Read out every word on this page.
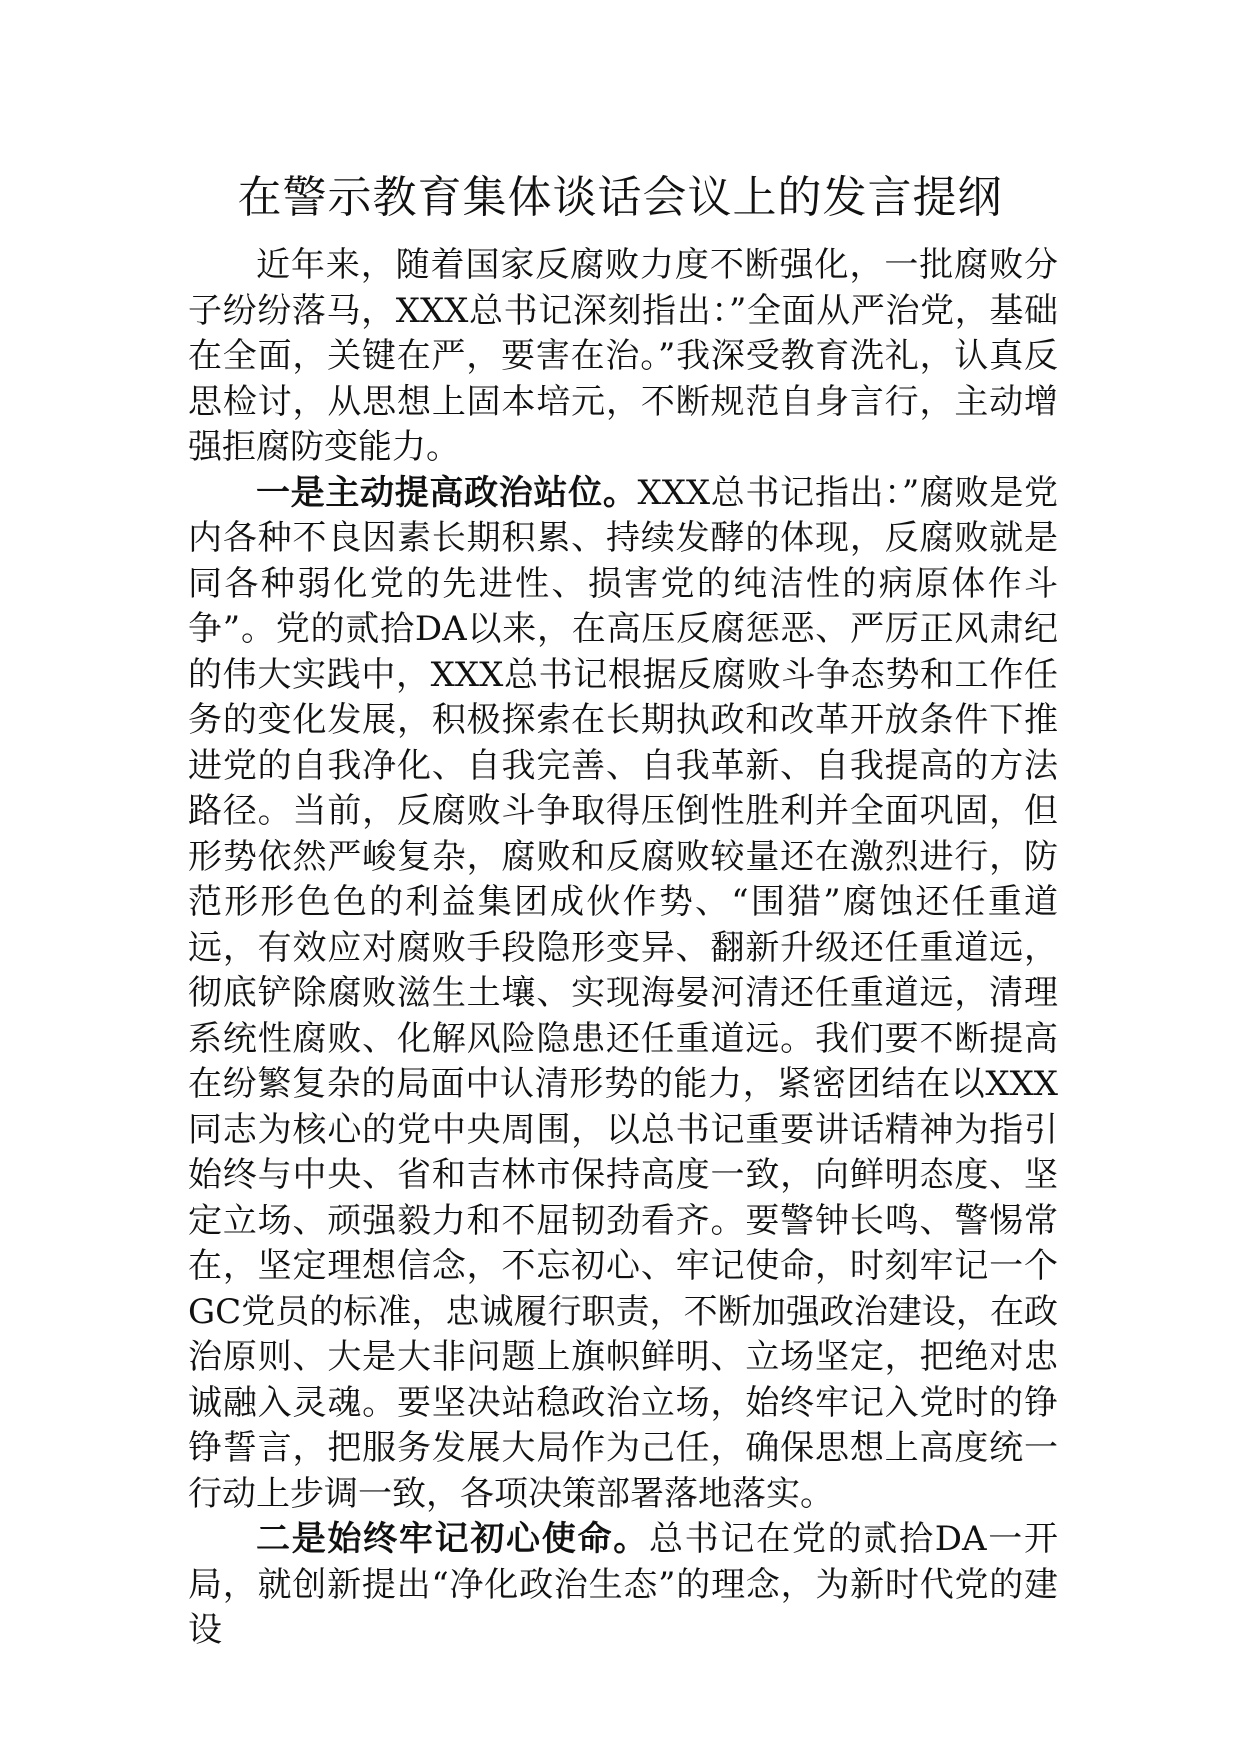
在警示教育集体谈话会议上的发言提纲

近年来，随着国家反腐败力度不断强化，一批腐败分子纷纷落马，XXX总书记深刻指出：”全面从严治党，基础在全面，关键在严，要害在治。”我深受教育洗礼，认真反思检讨，从思想上固本培元，不断规范自身言行，主动增强拒腐防变能力。

一是主动提高政治站位。XXX总书记指出：”腐败是党内各种不良因素长期积累、持续发酵的体现，反腐败就是同各种弱化党的先进性、损害党的纯洁性的病原体作斗争”。党的贰拾DA以来，在高压反腐惩恶、严厉正风肃纪的伟大实践中，XXX总书记根据反腐败斗争态势和工作任务的变化发展，积极探索在长期执政和改革开放条件下推进党的自我净化、自我完善、自我革新、自我提高的方法路径。当前，反腐败斗争取得压倒性胜利并全面巩固，但形势依然严峻复杂，腐败和反腐败较量还在激烈进行，防范形形色色的利益集团成伙作势、“围猎”腐蚀还任重道远，有效应对腐败手段隐形变异、翻新升级还任重道远，彻底铲除腐败滋生土壤、实现海晏河清还任重道远，清理系统性腐败、化解风险隐患还任重道远。我们要不断提高在纷繁复杂的局面中认清形势的能力，紧密团结在以XXX同志为核心的党中央周围，以总书记重要讲话精神为指引始终与中央、省和吉林市保持高度一致，向鲜明态度、坚定立场、顽强毅力和不屈韧劲看齐。要警钟长鸣、警惕常在，坚定理想信念，不忘初心、牢记使命，时刻牢记一个GC党员的标准，忠诚履行职责，不断加强政治建设，在政治原则、大是大非问题上旗帜鲜明、立场坚定，把绝对忠诚融入灵魂。要坚决站稳政治立场，始终牢记入党时的铮铮誓言，把服务发展大局作为己任，确保思想上高度统一行动上步调一致，各项决策部署落地落实。

二是始终牢记初心使命。总书记在党的贰拾DA一开局，就创新提出“净化政治生态”的理念，为新时代党的建设
